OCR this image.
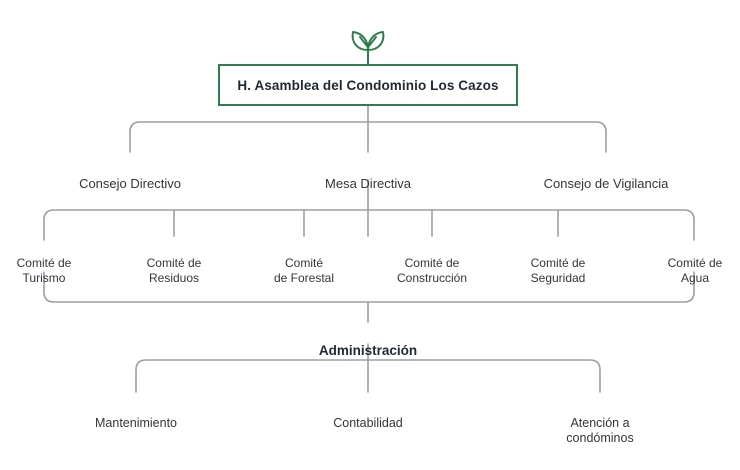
H. Asamblea del Condominio Los Cazos

Consejo Directivo	Mesa Directiva	Consejo de Vigilancia

Comité de
Turismo

Comité de
Residuos

Comité
de Forestal

Comité de
Construcción

Comité de
Seguridad

Comité de
Agua

Administración

Mantenimiento	Contabilidad	Atención a
condóminos
